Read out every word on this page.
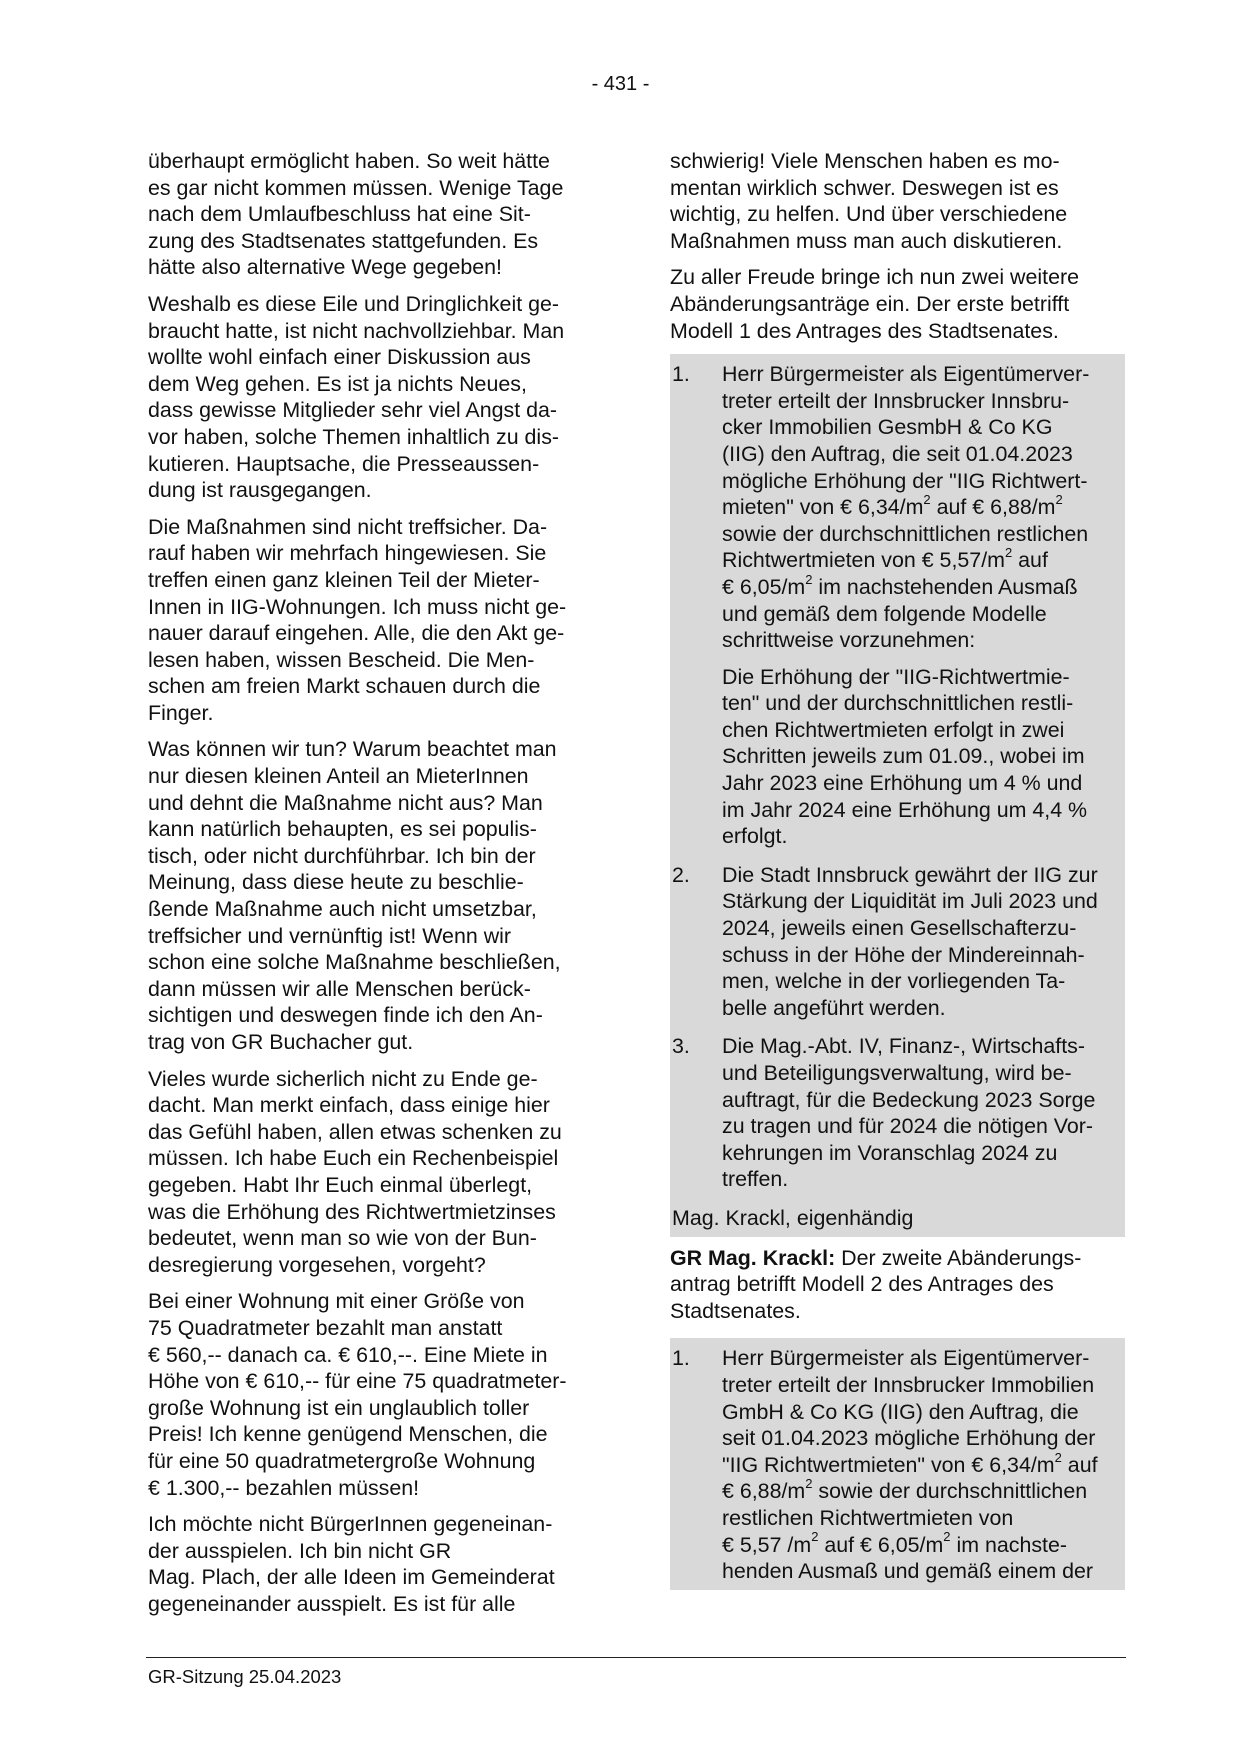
- 431 -
überhaupt ermöglicht haben. So weit hätte
es gar nicht kommen müssen. Wenige Tage
nach dem Umlaufbeschluss hat eine Sit-
zung des Stadtsenates stattgefunden. Es
hätte also alternative Wege gegeben!
Weshalb es diese Eile und Dringlichkeit ge-
braucht hatte, ist nicht nachvollziehbar. Man
wollte wohl einfach einer Diskussion aus
dem Weg gehen. Es ist ja nichts Neues,
dass gewisse Mitglieder sehr viel Angst da-
vor haben, solche Themen inhaltlich zu dis-
kutieren. Hauptsache, die Presseaussen-
dung ist rausgegangen.
Die Maßnahmen sind nicht treffsicher. Da-
rauf haben wir mehrfach hingewiesen. Sie
treffen einen ganz kleinen Teil der Mieter-
Innen in IIG-Wohnungen. Ich muss nicht ge-
nauer darauf eingehen. Alle, die den Akt ge-
lesen haben, wissen Bescheid. Die Men-
schen am freien Markt schauen durch die
Finger.
Was können wir tun? Warum beachtet man
nur diesen kleinen Anteil an MieterInnen
und dehnt die Maßnahme nicht aus? Man
kann natürlich behaupten, es sei populis-
tisch, oder nicht durchführbar. Ich bin der
Meinung, dass diese heute zu beschlie-
ßende Maßnahme auch nicht umsetzbar,
treffsicher und vernünftig ist! Wenn wir
schon eine solche Maßnahme beschließen,
dann müssen wir alle Menschen berück-
sichtigen und deswegen finde ich den An-
trag von GR Buchacher gut.
Vieles wurde sicherlich nicht zu Ende ge-
dacht. Man merkt einfach, dass einige hier
das Gefühl haben, allen etwas schenken zu
müssen. Ich habe Euch ein Rechenbeispiel
gegeben. Habt Ihr Euch einmal überlegt,
was die Erhöhung des Richtwertmietzinses
bedeutet, wenn man so wie von der Bun-
desregierung vorgesehen, vorgeht?
Bei einer Wohnung mit einer Größe von
75 Quadratmeter bezahlt man anstatt
€ 560,-- danach ca. € 610,--. Eine Miete in
Höhe von € 610,-- für eine 75 quadratmeter-
große Wohnung ist ein unglaublich toller
Preis! Ich kenne genügend Menschen, die
für eine 50 quadratmetergroße Wohnung
€ 1.300,-- bezahlen müssen!
Ich möchte nicht BürgerInnen gegeneinan-
der ausspielen. Ich bin nicht GR
Mag. Plach, der alle Ideen im Gemeinderat
gegeneinander ausspielt. Es ist für alle
schwierig! Viele Menschen haben es mo-
mentan wirklich schwer. Deswegen ist es
wichtig, zu helfen. Und über verschiedene
Maßnahmen muss man auch diskutieren.
Zu aller Freude bringe ich nun zwei weitere
Abänderungsanträge ein. Der erste betrifft
Modell 1 des Antrages des Stadtsenates.
1. Herr Bürgermeister als Eigentümerver-
treter erteilt der Innsbrucker Innsbru-
cker Immobilien GesmbH & Co KG
(IIG) den Auftrag, die seit 01.04.2023
mögliche Erhöhung der "IIG Richtwert-
mieten" von € $6,34/m^2$ auf € $6,88/m^2$
sowie der durchschnittlichen restlichen
Richtwertmieten von € $5,57/m^2$ auf
€ $6,05/m^2$ im nachstehenden Ausmaß
und gemäß dem folgende Modelle
schrittweise vorzunehmen:
Die Erhöhung der "IIG-Richtwertmie-
ten" und der durchschnittlichen restli-
chen Richtwertmieten erfolgt in zwei
Schritten jeweils zum 01.09., wobei im
Jahr 2023 eine Erhöhung um 4 % und
im Jahr 2024 eine Erhöhung um 4,4 %
erfolgt.
2. Die Stadt Innsbruck gewährt der IIG zur
Stärkung der Liquidität im Juli 2023 und
2024, jeweils einen Gesellschafterzu-
schuss in der Höhe der Mindereinnah-
men, welche in der vorliegenden Ta-
belle angeführt werden.
3. Die Mag.-Abt. IV, Finanz-, Wirtschafts-
und Beteiligungsverwaltung, wird be-
auftragt, für die Bedeckung 2023 Sorge
zu tragen und für 2024 die nötigen Vor-
kehrungen im Voranschlag 2024 zu
treffen.
Mag. Krackl, eigenhändig
GR Mag. Krackl: Der zweite Abänderungs-
antrag betrifft Modell 2 des Antrages des
Stadtsenates.
1. Herr Bürgermeister als Eigentümerver-
treter erteilt der Innsbrucker Immobilien
GmbH & Co KG (IIG) den Auftrag, die
seit 01.04.2023 mögliche Erhöhung der
"IIG Richtwertmieten" von € $6,34/m^2$ auf
€ $6,88/m^2$ sowie der durchschnittlichen
restlichen Richtwertmieten von
€ 5,57 $/m^2$ auf € $6,05/m^2$ im nachste-
henden Ausmaß und gemäß einem der
GR-Sitzung 25.04.2023
